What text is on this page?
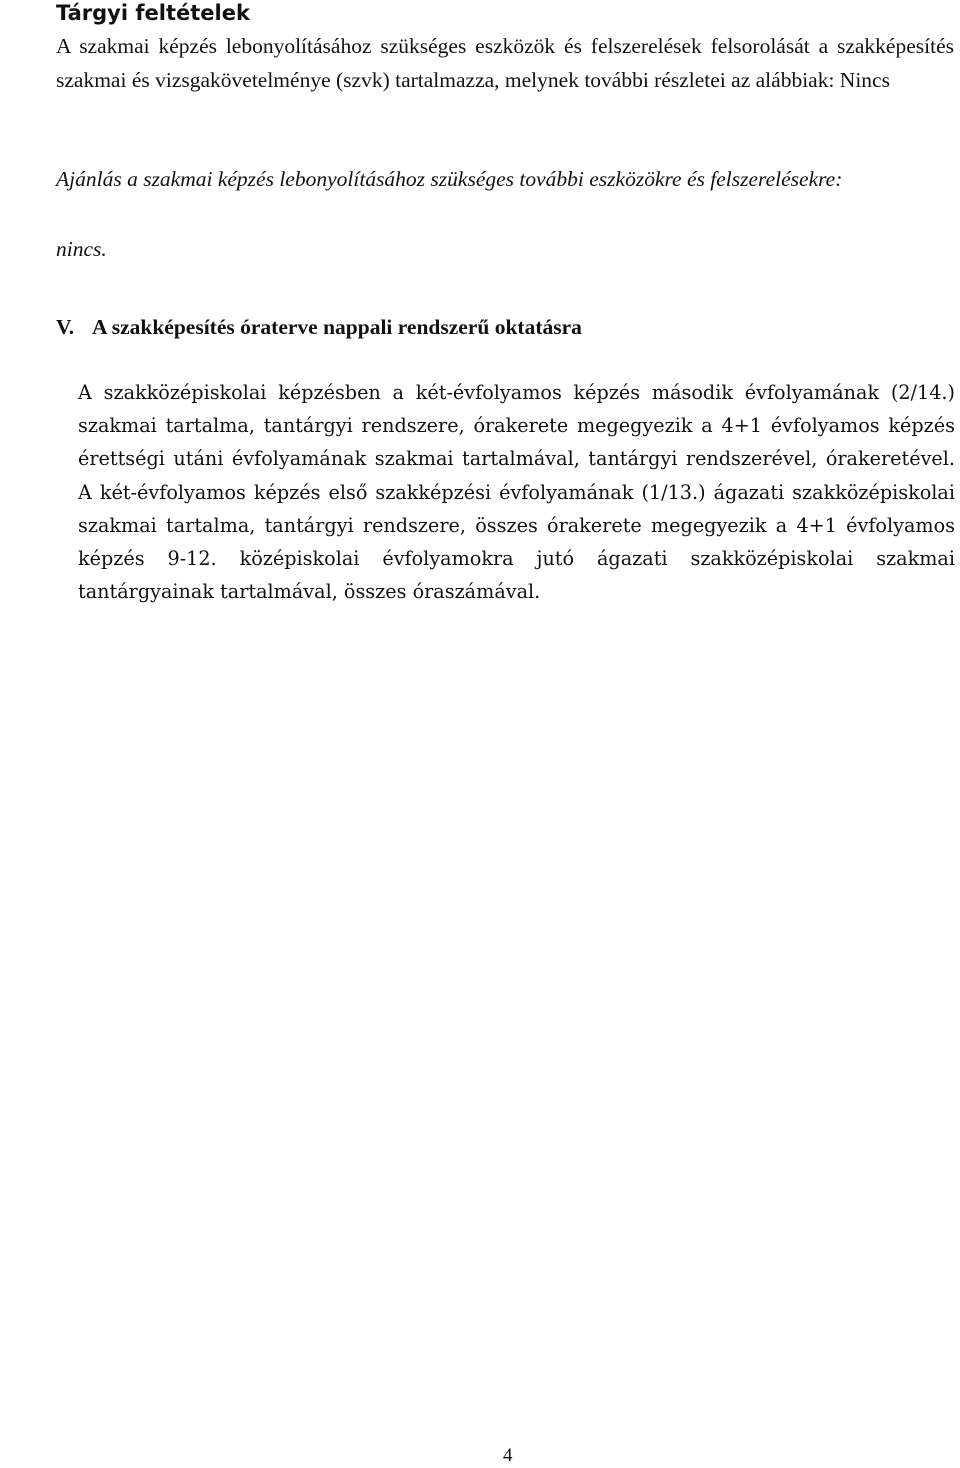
Tárgyi feltételek

A szakmai képzés lebonyolításához szükséges eszközök és felszerelések felsorolását a szakképesítés szakmai és vizsgakövetelménye (szvk) tartalmazza, melynek további részletei az alábbiak: Nincs

Ajánlás a szakmai képzés lebonyolításához szükséges további eszközökre és felszerelésekre:

nincs.

V. A szakképesítés óraterve nappali rendszerű oktatásra

A szakközépiskolai képzésben a két-évfolyamos képzés második évfolyamának (2/14.) szakmai tartalma, tantárgyi rendszere, órakerete megegyezik a 4+1 évfolyamos képzés érettségi utáni évfolyamának szakmai tartalmával, tantárgyi rendszerével, órakeretével. A két-évfolyamos képzés első szakképzési évfolyamának (1/13.) ágazati szakközépiskolai szakmai tartalma, tantárgyi rendszere, összes órakerete megegyezik a 4+1 évfolyamos képzés 9-12. középiskolai évfolyamokra jutó ágazati szakközépiskolai szakmai tantárgyainak tartalmával, összes óraszámával.

4
